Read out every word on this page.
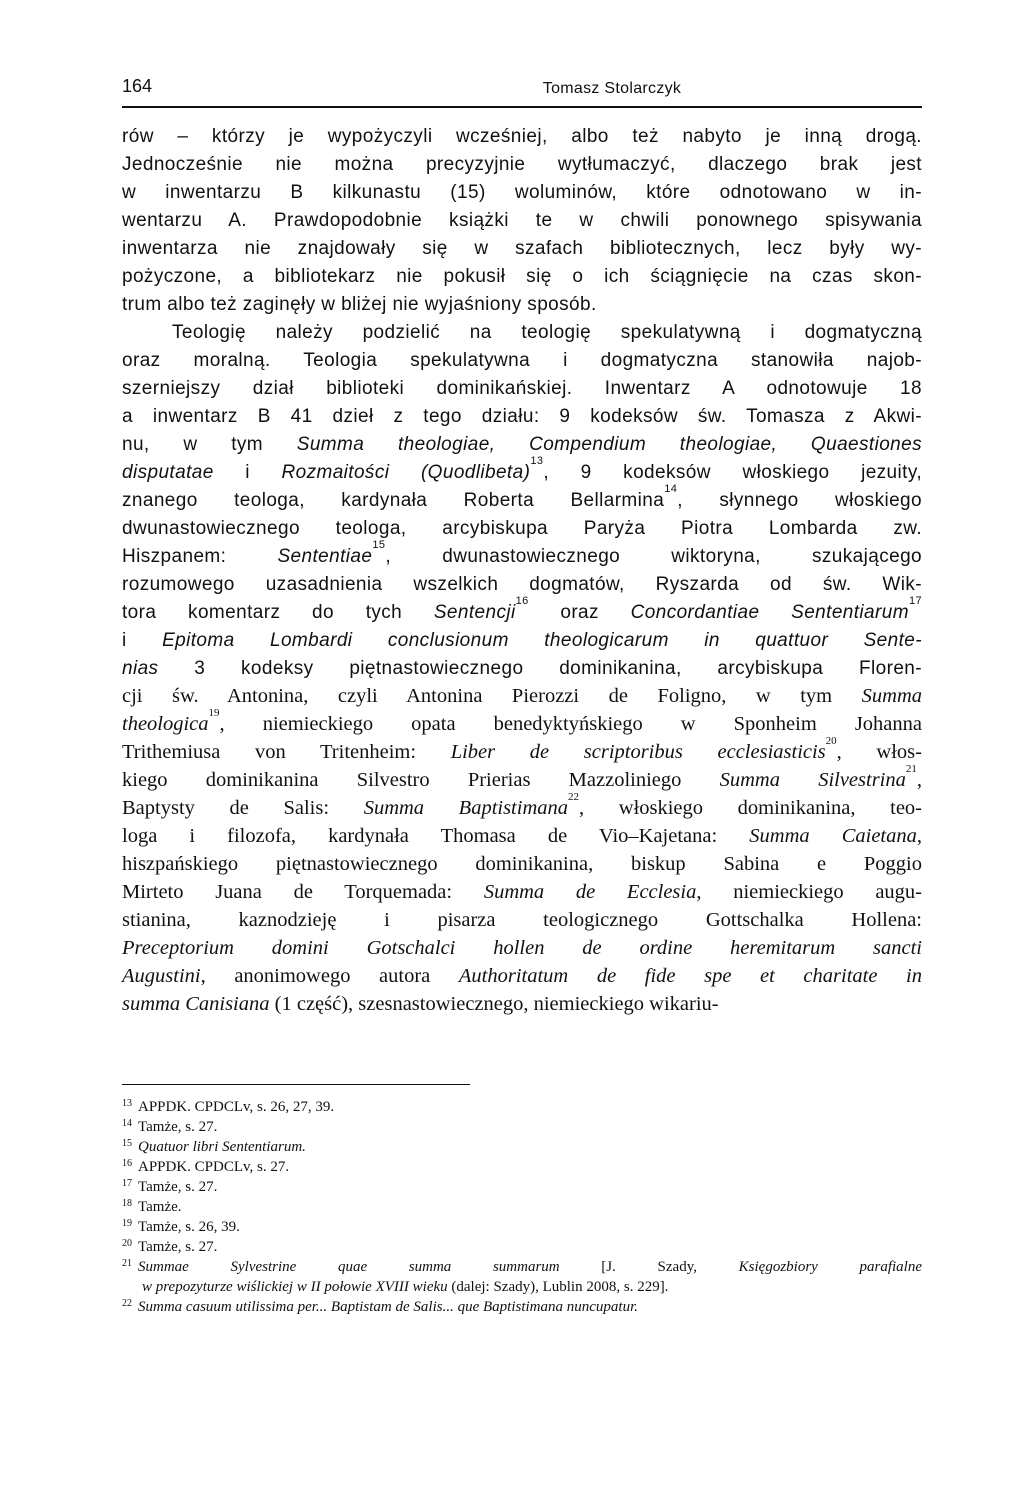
164	Tomasz Stolarczyk
rów – którzy je wypożyczyli wcześniej, albo też nabyto je inną drogą.
Jednocześnie nie można precyzyjnie wytłumaczyć, dlaczego brak jest
w inwentarzu B kilkunastu (15) woluminów, które odnotowano w in-
wentarzu A. Prawdopodobnie książki te w chwili ponownego spisywania
inwentarza nie znajdowały się w szafach bibliotecznych, lecz były wy-
pożyczone, a bibliotekarz nie pokusił się o ich ściągnięcie na czas skon-
trum albo też zaginęły w bliżej nie wyjaśniony sposób.
Teologię należy podzielić na teologię spekulatywną i dogmatyczną
oraz moralną. Teologia spekulatywna i dogmatyczna stanowiła najob-
szerniejszy dział biblioteki dominikańskiej. Inwentarz A odnotowuje 18
a inwentarz B 41 dzieł z tego działu: 9 kodeksów św. Tomasza z Akwi-
nu, w tym Summa theologiae, Compendium theologiae, Quaestiones
disputatae i Rozmaitości (Quodlibeta)$^{13}$, 9 kodeksów włoskiego jezuity,
znanego teologa, kardynała Roberta Bellarmina$^{14}$, słynnego włoskiego
dwunastowiecznego teologa, arcybiskupa Paryża Piotra Lombarda zw.
Hiszpanem: Sententiae$^{15}$, dwunastowiecznego wiktoryna, szukającego
rozumowego uzasadnienia wszelkich dogmatów, Ryszarda od św. Wik-
tora komentarz do tych Sentencji$^{16}$ oraz Concordantiae Sententiarum$^{17}$
i Epitoma Lombardi conclusionum theologicarum in quattuor Sente-
nias 3 kodeksy piętnastowiecznego dominikanina, arcybiskupa Floren-
cji św. Antonina, czyli Antonina Pierozzi de Foligno, w tym Summa
theologica$^{19}$, niemieckiego opata benedyktyńskiego w Sponheim Johanna
Trithemiusa von Tritenheim: Liber de scriptoribus ecclesiasticis$^{20}$, włos-
kiego dominikanina Silvestro Prierias Mazzoliniego Summa Silvestrina$^{21}$,
Baptysty de Salis: Summa Baptistimana$^{22}$, włoskiego dominikanina, teo-
loga i filozofa, kardynała Thomasa de Vio–Kajetana: Summa Caietana,
hiszpańskiego piętnastowiecznego dominikanina, biskup Sabina e Poggio
Mirteto Juana de Torquemada: Summa de Ecclesia, niemieckiego augu-
stianina, kaznodzieję i pisarza teologicznego Gottschalka Hollena:
Preceptorium domini Gotschalci hollen de ordine heremitarum sancti
Augustini, anonimowego autora Authoritatum de fide spe et charitate in
summa Canisiana (1 część), szesnastowiecznego, niemieckiego wikariu-
$^{13}$ APPDK. CPDCLv, s. 26, 27, 39.
$^{14}$ Tamże, s. 27.
$^{15}$ Quatuor libri Sententiarum.
$^{16}$ APPDK. CPDCLv, s. 27.
$^{17}$ Tamże, s. 27.
$^{18}$ Tamże.
$^{19}$ Tamże, s. 26, 39.
$^{20}$ Tamże, s. 27.
$^{21}$ Summae Sylvestrine quae summa summarum [J. Szady, Księgozbiory parafialne
w prepozyturze wiślickiej w II połowie XVIII wieku (dalej: Szady), Lublin 2008, s. 229].
$^{22}$ Summa casuum utilissima per... Baptistam de Salis... que Baptistimana nuncupatur.
